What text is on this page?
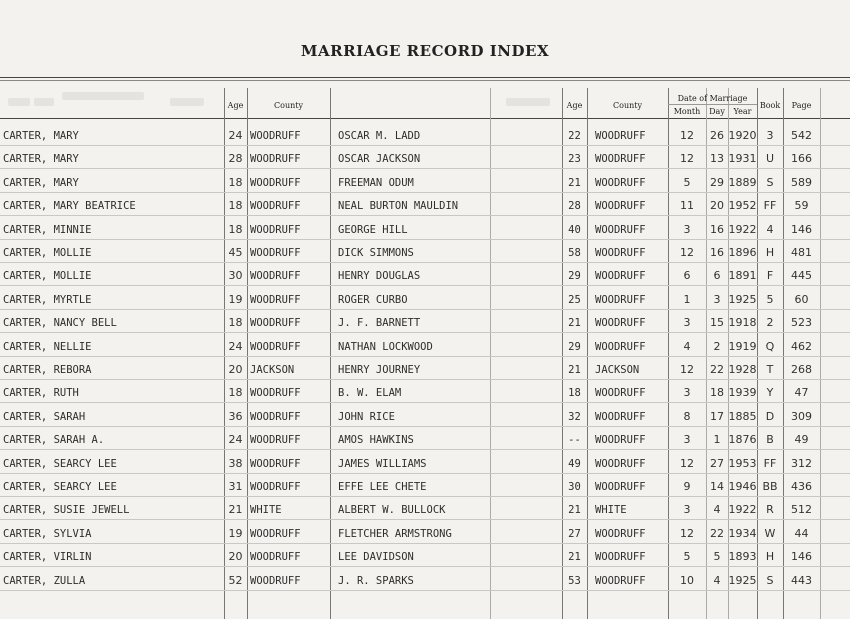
MARRIAGE RECORD INDEX
Age	County	Age	County
Date of Marriage
Month	Day	Year
Book	Page
CARTER, MARY	24 WOODRUFF	OSCAR M. LADD	22	WOODRUFF	12	26 1920 3	542
CARTER, MARY	28 WOODRUFF	OSCAR JACKSON	23	WOODRUFF	12	13 1931 U	166
CARTER, MARY	18 WOODRUFF	FREEMAN ODUM	21	WOODRUFF	5	29 1889 S	589
CARTER, MARY BEATRICE	18 WOODRUFF	NEAL BURTON MAULDIN	28	WOODRUFF	11	20 1952 FF	59
CARTER, MINNIE	18 WOODRUFF	GEORGE HILL	40	WOODRUFF	3	16 1922 4	146
CARTER, MOLLIE	45 WOODRUFF	DICK SIMMONS	58	WOODRUFF	12	16 1896 H	481
CARTER, MOLLIE	30 WOODRUFF	HENRY DOUGLAS	29	WOODRUFF	6	6 1891 F	445
CARTER, MYRTLE	19 WOODRUFF	ROGER CURBO	25	WOODRUFF	1	3 1925 5	60
CARTER, NANCY BELL	18 WOODRUFF	J. F. BARNETT	21	WOODRUFF	3	15 1918 2	523
CARTER, NELLIE	24 WOODRUFF	NATHAN LOCKWOOD	29	WOODRUFF	4	2 1919 Q	462
CARTER, REBORA	20 JACKSON	HENRY JOURNEY	21	JACKSON	12	22 1928 T	268
CARTER, RUTH	18 WOODRUFF	B. W. ELAM	18	WOODRUFF	3	18 1939 Y	47
CARTER, SARAH	36 WOODRUFF	JOHN RICE	32	WOODRUFF	8	17 1885 D	309
CARTER, SARAH A.	24 WOODRUFF	AMOS HAWKINS	--	WOODRUFF	3	1 1876 B	49
CARTER, SEARCY LEE	38 WOODRUFF	JAMES WILLIAMS	49	WOODRUFF	12	27 1953 FF	312
CARTER, SEARCY LEE	31 WOODRUFF	EFFE LEE CHETE	30	WOODRUFF	9	14 1946 BB	436
CARTER, SUSIE JEWELL	21 WHITE	ALBERT W. BULLOCK	21	WHITE	3	4 1922 R	512
CARTER, SYLVIA	19 WOODRUFF	FLETCHER ARMSTRONG	27	WOODRUFF	12	22 1934 W	44
CARTER, VIRLIN	20 WOODRUFF	LEE DAVIDSON	21	WOODRUFF	5	5 1893 H	146
CARTER, ZULLA	52 WOODRUFF	J. R. SPARKS	53	WOODRUFF	10	4 1925 S	443
